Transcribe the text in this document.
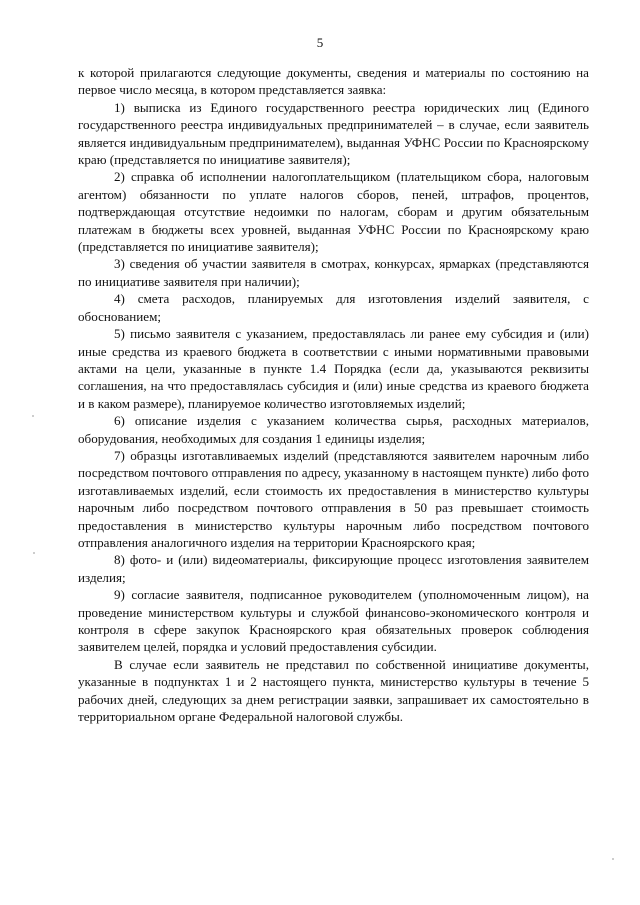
5

к которой прилагаются следующие документы, сведения и материалы по состоянию на первое число месяца, в котором представляется заявка:

1) выписка из Единого государственного реестра юридических лиц (Единого государственного реестра индивидуальных предпринимателей – в случае, если заявитель является индивидуальным предпринимателем), выданная УФНС России по Красноярскому краю (представляется по инициативе заявителя);

2) справка об исполнении налогоплательщиком (плательщиком сбора, налоговым агентом) обязанности по уплате налогов сборов, пеней, штрафов, процентов, подтверждающая отсутствие недоимки по налогам, сборам и другим обязательным платежам в бюджеты всех уровней, выданная УФНС России по Красноярскому краю (представляется по инициативе заявителя);

3) сведения об участии заявителя в смотрах, конкурсах, ярмарках (представляются по инициативе заявителя при наличии);

4) смета расходов, планируемых для изготовления изделий заявителя, с обоснованием;

5) письмо заявителя с указанием, предоставлялась ли ранее ему субсидия и (или) иные средства из краевого бюджета в соответствии с иными нормативными правовыми актами на цели, указанные в пункте 1.4 Порядка (если да, указываются реквизиты соглашения, на что предоставлялась субсидия и (или) иные средства из краевого бюджета и в каком размере), планируемое количество изготовляемых изделий;

6) описание изделия с указанием количества сырья, расходных материалов, оборудования, необходимых для создания 1 единицы изделия;

7) образцы изготавливаемых изделий (представляются заявителем нарочным либо посредством почтового отправления по адресу, указанному в настоящем пункте) либо фото изготавливаемых изделий, если стоимость их предоставления в министерство культуры нарочным либо посредством почтового отправления в 50 раз превышает стоимость предоставления в министерство культуры нарочным либо посредством почтового отправления аналогичного изделия на территории Красноярского края;

8) фото- и (или) видеоматериалы, фиксирующие процесс изготовления заявителем изделия;

9) согласие заявителя, подписанное руководителем (уполномоченным лицом), на проведение министерством культуры и службой финансово-экономического контроля и контроля в сфере закупок Красноярского края обязательных проверок соблюдения заявителем целей, порядка и условий предоставления субсидии.

В случае если заявитель не представил по собственной инициативе документы, указанные в подпунктах 1 и 2 настоящего пункта, министерство культуры в течение 5 рабочих дней, следующих за днем регистрации заявки, запрашивает их самостоятельно в территориальном органе Федеральной налоговой службы.
